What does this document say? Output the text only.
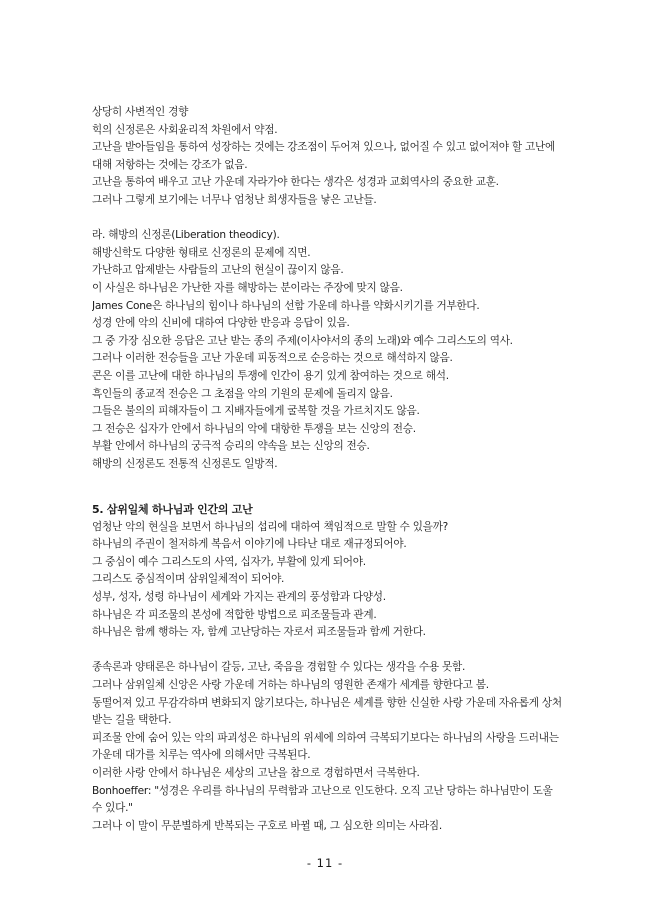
상당히 사변적인 경향
힉의 신정론은 사회윤리적 차원에서 약점.
고난을 받아들임을 통하여 성장하는 것에는 강조점이 두어져 있으나, 없어질 수 있고 없어져야 할 고난에 대해 저항하는 것에는 강조가 없음.
고난을 통하여 배우고 고난 가운데 자라가야 한다는 생각은 성경과 교회역사의 중요한 교훈.
그러나 그렇게 보기에는 너무나 엄청난 희생자들을 낳은 고난들.
라. 해방의 신정론(Liberation theodicy).
해방신학도 다양한 형태로 신정론의 문제에 직면.
가난하고 압제받는 사람들의 고난의 현실이 끊이지 않음.
이 사실은 하나님은 가난한 자를 해방하는 분이라는 주장에 맞지 않음.
James Cone은 하나님의 힘이나 하나님의 선함 가운데 하나를 약화시키기를 거부한다.
성경 안에 악의 신비에 대하여 다양한 반응과 응답이 있음.
그 중 가장 심오한 응답은 고난 받는 종의 주제(이사야서의 종의 노래)와 예수 그리스도의 역사.
그러나 이러한 전승들을 고난 가운데 피동적으로 순응하는 것으로 해석하지 않음.
콘은 이를 고난에 대한 하나님의 투쟁에 인간이 용기 있게 참여하는 것으로 해석.
흑인들의 종교적 전승은 그 초점을 악의 기원의 문제에 돌리지 않음.
그들은 불의의 피해자들이 그 지배자들에게 굴복할 것을 가르치지도 않음.
그 전승은 십자가 안에서 하나님의 악에 대항한 투쟁을 보는 신앙의 전승.
부활 안에서 하나님의 궁극적 승리의 약속을 보는 신앙의 전승.
해방의 신정론도 전통적 신정론도 일방적.
5. 삼위일체 하나님과 인간의 고난
엄청난 악의 현실을 보면서 하나님의 섭리에 대하여 책임적으로 말할 수 있을까?
하나님의 주권이 철저하게 복음서 이야기에 나타난 대로 재규정되어야.
그 중심이 예수 그리스도의 사역, 십자가, 부활에 있게 되어야.
그리스도 중심적이며 삼위일체적이 되어야.
성부, 성자, 성령 하나님이 세계와 가지는 관계의 풍성함과 다양성.
하나님은 각 피조물의 본성에 적합한 방법으로 피조물들과 관계.
하나님은 함께 행하는 자, 함께 고난당하는 자로서 피조물들과 함께 거한다.
종속론과 양태론은 하나님이 갈등, 고난, 죽음을 경험할 수 있다는 생각을 수용 못함.
그러나 삼위일체 신앙은 사랑 가운데 거하는 하나님의 영원한 존재가 세계를 향한다고 봄.
동떨어져 있고 무감각하며 변화되지 않기보다는, 하나님은 세계를 향한 신실한 사랑 가운데 자유롭게 상처받는 길을 택한다.
피조물 안에 숨어 있는 악의 파괴성은 하나님의 위세에 의하여 극복되기보다는 하나님의 사랑을 드러내는 가운데 대가를 치루는 역사에 의해서만 극복된다.
이러한 사랑 안에서 하나님은 세상의 고난을 참으로 경험하면서 극복한다.
Bonhoeffer: "성경은 우리를 하나님의 무력함과 고난으로 인도한다. 오직 고난 당하는 하나님만이 도울 수 있다."
그러나 이 말이 무분별하게 반복되는 구호로 바뀔 때, 그 심오한 의미는 사라짐.
- 11 -
